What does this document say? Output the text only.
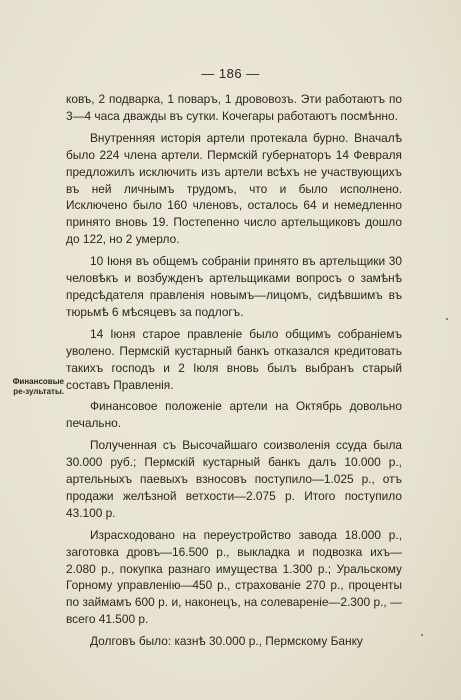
— 186 —
Финансовые ре-зультаты.

ковъ, 2 подварка, 1 поваръ, 1 дрововозъ. Эти работаютъ по 3—4 часа дважды въ сутки. Кочегары работаютъ посмѣнно.

Внутренняя исторія артели протекала бурно. Вначалѣ было 224 члена артели. Пермскій губернаторъ 14 Февраля предложилъ исключить изъ артели всѣхъ не участвующихъ въ ней личнымъ трудомъ, что и было исполнено. Исключено было 160 членовъ, осталось 64 и немедленно принято вновь 19. Постепенно число артельщиковъ дошло до 122, но 2 умерло.

10 Іюня въ общемъ собраніи принято въ артельщики 30 человѣкъ и возбужденъ артельщиками вопросъ о замѣнѣ предсѣдателя правленія новымъ—лицомъ, сидѣвшимъ въ тюрьмѣ 6 мѣсяцевъ за подлогъ.

14 Іюня старое правленіе было общимъ собраніемъ уволено. Пермскій кустарный банкъ отказался кредитовать такихъ господъ и 2 Іюля вновь былъ выбранъ старый составъ Правленія.

Финансовое положеніе артели на Октябрь довольно печально.

Полученная съ Высочайшаго соизволенія ссуда была 30.000 руб.; Пермскій кустарный банкъ далъ 10.000 р., артельныхъ паевыхъ взносовъ поступило—1.025 р., отъ продажи желѣзной ветхости—2.075 р. Итого поступило 43.100 р.

Израсходовано на переустройство завода 18.000 р., заготовка дровъ—16.500 р., выкладка и подвозка ихъ—2.080 р., покупка разнаго имущества 1.300 р.; Уральскому Горному управленію—450 р., страхованіе 270 р., проценты по займамъ 600 р. и, наконецъ, на солевареніе—2.300 р., —всего 41.500 р.

Долговъ было: казнѣ 30.000 р., Пермскому Банку
